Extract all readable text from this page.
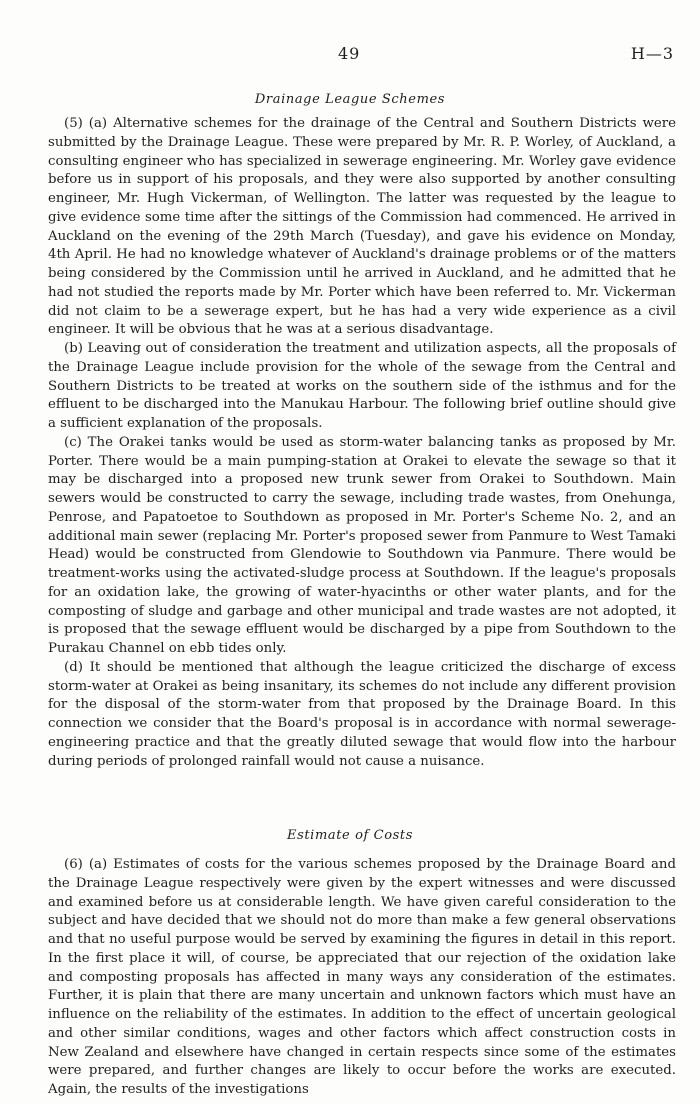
49	H—3
Drainage League Schemes

(5) (a) Alternative schemes for the drainage of the Central and Southern Districts were submitted by the Drainage League. These were prepared by Mr. R. P. Worley, of Auckland, a consulting engineer who has specialized in sewerage engineering. Mr. Worley gave evidence before us in support of his proposals, and they were also supported by another consulting engineer, Mr. Hugh Vickerman, of Wellington. The latter was requested by the league to give evidence some time after the sittings of the Commission had commenced. He arrived in Auckland on the evening of the 29th March (Tuesday), and gave his evidence on Monday, 4th April. He had no knowledge whatever of Auckland's drainage problems or of the matters being considered by the Commission until he arrived in Auckland, and he admitted that he had not studied the reports made by Mr. Porter which have been referred to. Mr. Vickerman did not claim to be a sewerage expert, but he has had a very wide experience as a civil engineer. It will be obvious that he was at a serious disadvantage.

(b) Leaving out of consideration the treatment and utilization aspects, all the proposals of the Drainage League include provision for the whole of the sewage from the Central and Southern Districts to be treated at works on the southern side of the isthmus and for the effluent to be discharged into the Manukau Harbour. The following brief outline should give a sufficient explanation of the proposals.

(c) The Orakei tanks would be used as storm-water balancing tanks as proposed by Mr. Porter. There would be a main pumping-station at Orakei to elevate the sewage so that it may be discharged into a proposed new trunk sewer from Orakei to Southdown. Main sewers would be constructed to carry the sewage, including trade wastes, from Onehunga, Penrose, and Papatoetoe to Southdown as proposed in Mr. Porter's Scheme No. 2, and an additional main sewer (replacing Mr. Porter's proposed sewer from Panmure to West Tamaki Head) would be constructed from Glendowie to Southdown via Panmure. There would be treatment-works using the activated-sludge process at Southdown. If the league's proposals for an oxidation lake, the growing of water-hyacinths or other water plants, and for the composting of sludge and garbage and other municipal and trade wastes are not adopted, it is proposed that the sewage effluent would be discharged by a pipe from Southdown to the Purakau Channel on ebb tides only.

(d) It should be mentioned that although the league criticized the discharge of excess storm-water at Orakei as being insanitary, its schemes do not include any different provision for the disposal of the storm-water from that proposed by the Drainage Board. In this connection we consider that the Board's proposal is in accordance with normal sewerage-engineering practice and that the greatly diluted sewage that would flow into the harbour during periods of prolonged rainfall would not cause a nuisance.

Estimate of Costs

(6) (a) Estimates of costs for the various schemes proposed by the Drainage Board and the Drainage League respectively were given by the expert witnesses and were discussed and examined before us at considerable length. We have given careful consideration to the subject and have decided that we should not do more than make a few general observations and that no useful purpose would be served by examining the figures in detail in this report. In the first place it will, of course, be appreciated that our rejection of the oxidation lake and composting proposals has affected in many ways any consideration of the estimates. Further, it is plain that there are many uncertain and unknown factors which must have an influence on the reliability of the estimates. In addition to the effect of uncertain geological and other similar conditions, wages and other factors which affect construction costs in New Zealand and elsewhere have changed in certain respects since some of the estimates were prepared, and further changes are likely to occur before the works are executed. Again, the results of the investigations
